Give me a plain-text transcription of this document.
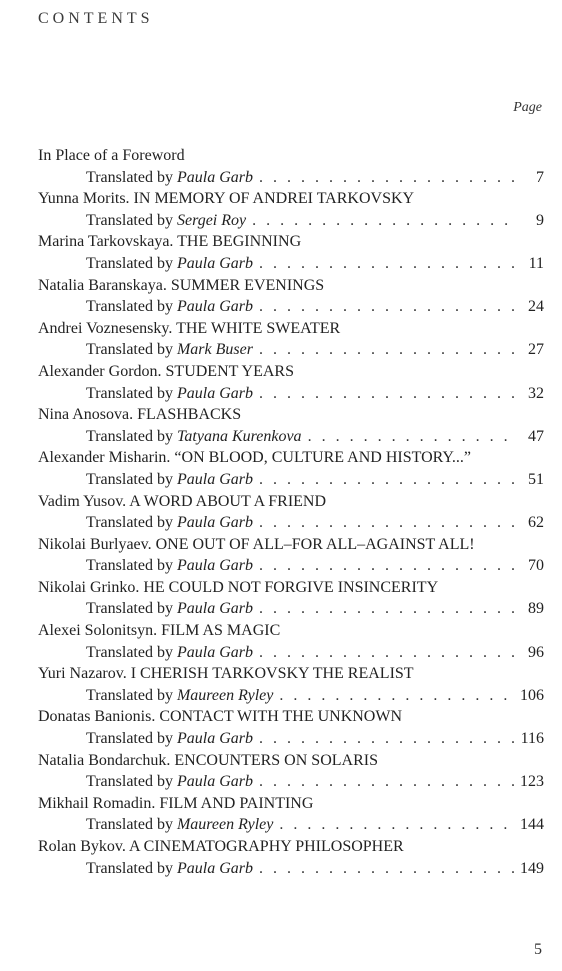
CONTENTS
Page
In Place of a Foreword
Translated by Paula Garb . . .	7
Yunna Morits. IN MEMORY OF ANDREI TARKOVSKY
Translated by Sergei Roy . . .	9
Marina Tarkovskaya. THE BEGINNING
Translated by Paula Garb . . .	11
Natalia Baranskaya. SUMMER EVENINGS
Translated by Paula Garb . . .	24
Andrei Voznesensky. THE WHITE SWEATER
Translated by Mark Buser . . .	27
Alexander Gordon. STUDENT YEARS
Translated by Paula Garb . . .	32
Nina Anosova. FLASHBACKS
Translated by Tatyana Kurenkova . . .	47
Alexander Misharin. “ON BLOOD, CULTURE AND HISTORY...”
Translated by Paula Garb . . .	51
Vadim Yusov. A WORD ABOUT A FRIEND
Translated by Paula Garb . . .	62
Nikolai Burlyaev. ONE OUT OF ALL–FOR ALL–AGAINST ALL!
Translated by Paula Garb . . .	70
Nikolai Grinko. HE COULD NOT FORGIVE INSINCERITY
Translated by Paula Garb . . .	89
Alexei Solonitsyn. FILM AS MAGIC
Translated by Paula Garb . . .	96
Yuri Nazarov. I CHERISH TARKOVSKY THE REALIST
Translated by Maureen Ryley . . .	106
Donatas Banionis. CONTACT WITH THE UNKNOWN
Translated by Paula Garb . . .	116
Natalia Bondarchuk. ENCOUNTERS ON SOLARIS
Translated by Paula Garb . . .	123
Mikhail Romadin. FILM AND PAINTING
Translated by Maureen Ryley . . .	144
Rolan Bykov. A CINEMATOGRAPHY PHILOSOPHER
Translated by Paula Garb . . .	149
5
